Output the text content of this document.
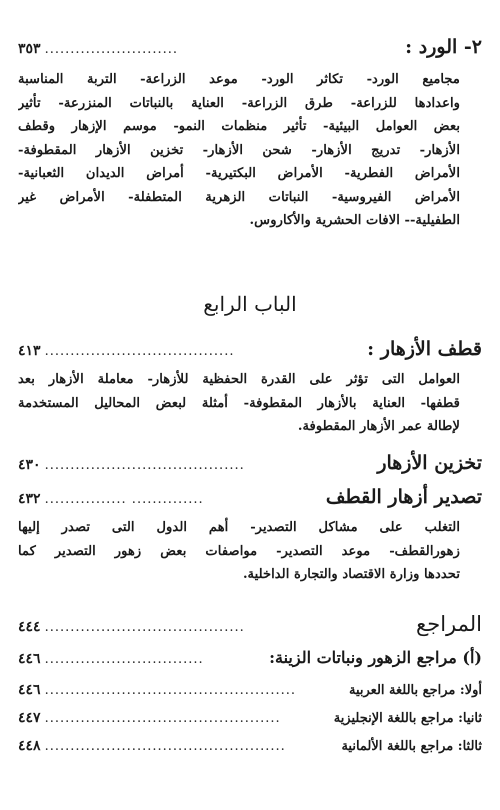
٢- الورد :
..........................
٣٥٣
مجاميع الورد- تكاثر الورد- موعد الزراعة- التربة المناسبة
واعدادها للزراعة- طرق الزراعة- العناية بالنباتات المنزرعة- تأثير
بعض العوامل البيئية- تأثير منظمات النمو- موسم الإزهار وقطف
الأزهار- تدريج الأزهار- شحن الأزهار- تخزين الأزهار المقطوفة-
الأمراض الفطرية- الأمراض البكتيرية- أمراض الديدان الثعبانية-
الأمراض الفيروسية- النباتات الزهرية المتطفلة- الأمراض غير
الطفيلية-- الافات الحشرية والأكاروس.
الباب الرابع
قطف الأزهار :
.....................................
٤١٣
العوامل التى تؤثر على القدرة الحفظية للأزهار- معاملة الأزهار بعد
قطفها- العناية بالأزهار المقطوفة- أمثلة لبعض المحاليل المستخدمة
لإطالة عمر الأزهار المقطوفة.
تخزين الأزهار
.......................................
٤٣٠
تصدير أزهار القطف
................ ..............
٤٣٢
التغلب على مشاكل التصدير- أهم الدول التى تصدر إليها
زهورالقطف- موعد التصدير- مواصفات بعض زهور التصدير كما
تحددها وزارة الاقتصاد والتجارة الداخلية.
المراجع
.......................................
٤٤٤
(أ) مراجع الزهور ونباتات الزينة:
...............................
٤٤٦
أولا: مراجع باللغة العربية
.................................................
٤٤٦
ثانيا: مراجع باللغة الإنجليزية
..............................................
٤٤٧
ثالثا: مراجع باللغة الألمانية
...............................................
٤٤٨
